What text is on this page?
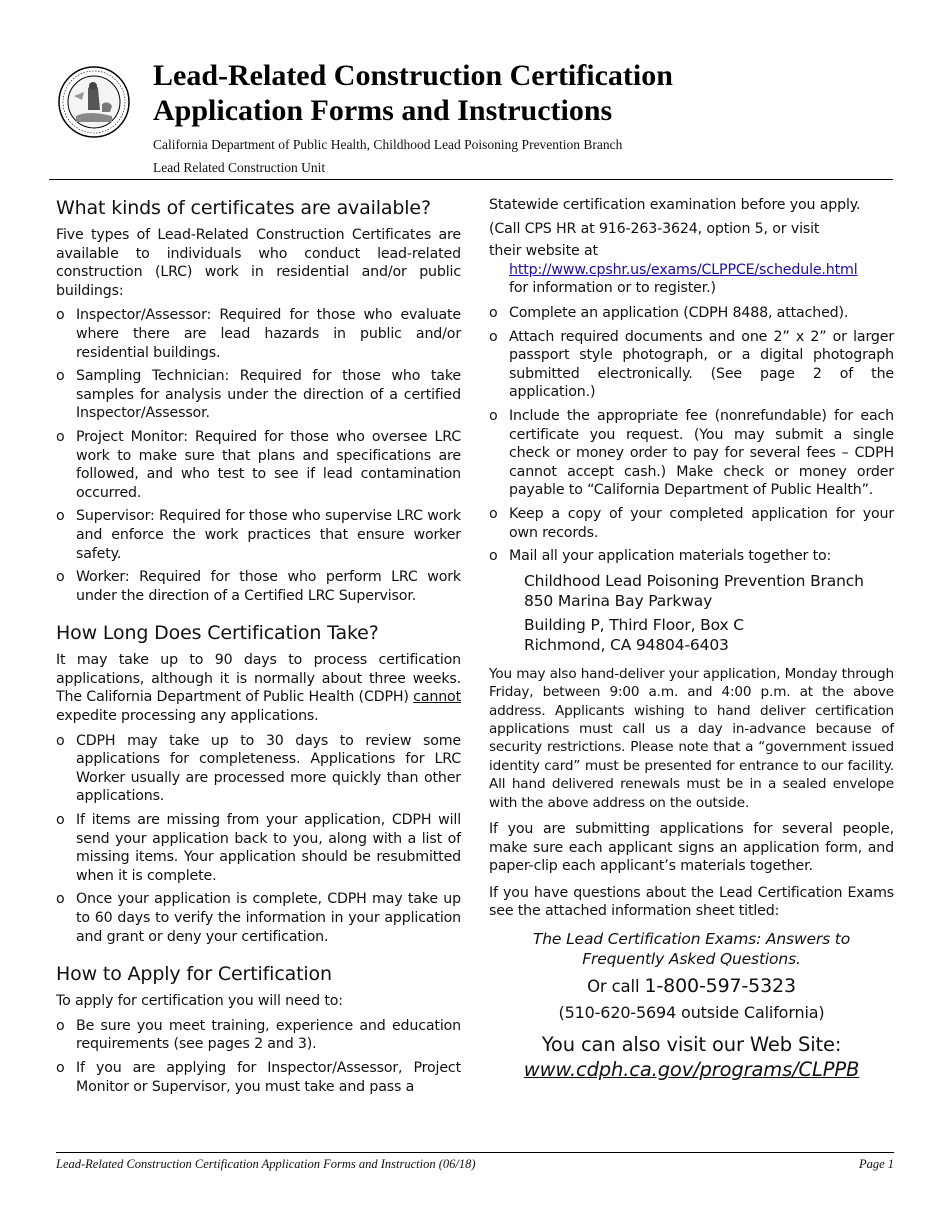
Lead-Related Construction Certification
Application Forms and Instructions
California Department of Public Health, Childhood Lead Poisoning Prevention Branch
Lead Related Construction Unit
What kinds of certificates are available?

Five types of Lead-Related Construction Certificates are available to individuals who conduct lead-related construction (LRC) work in residential and/or public buildings:

o Inspector/Assessor: Required for those who evaluate where there are lead hazards in public and/or residential buildings.
o Sampling Technician: Required for those who take samples for analysis under the direction of a certified Inspector/Assessor.
o Project Monitor: Required for those who oversee LRC work to make sure that plans and specifications are followed, and who test to see if lead contamination occurred.
o Supervisor: Required for those who supervise LRC work and enforce the work practices that ensure worker safety.
o Worker: Required for those who perform LRC work under the direction of a Certified LRC Supervisor.
How Long Does Certification Take?

It may take up to 90 days to process certification applications, although it is normally about three weeks. The California Department of Public Health (CDPH) cannot expedite processing any applications.

o CDPH may take up to 30 days to review some applications for completeness. Applications for LRC Worker usually are processed more quickly than other applications.
o If items are missing from your application, CDPH will send your application back to you, along with a list of missing items. Your application should be resubmitted when it is complete.
o Once your application is complete, CDPH may take up to 60 days to verify the information in your application and grant or deny your certification.
How to Apply for Certification

To apply for certification you will need to:

o Be sure you meet training, experience and education requirements (see pages 2 and 3).
o If you are applying for Inspector/Assessor, Project Monitor or Supervisor, you must take and pass a

Statewide certification examination before you apply.

(Call CPS HR at 916-263-3624, option 5, or visit

their website at

http://www.cpshr.us/exams/CLPPCE/schedule.html
for information or to register.)
o Complete an application (CDPH 8488, attached).
o Attach required documents and one 2” x 2” or larger passport style photograph, or a digital photograph submitted electronically. (See page 2 of the application.)
o Include the appropriate fee (nonrefundable) for each certificate you request. (You may submit a single check or money order to pay for several fees – CDPH cannot accept cash.) Make check or money order payable to “California Department of Public Health”.
o Keep a copy of your completed application for your own records.
o Mail all your application materials together to:

Childhood Lead Poisoning Prevention Branch

850 Marina Bay Parkway

Building P, Third Floor, Box C

Richmond, CA 94804-6403

You may also hand-deliver your application, Monday through Friday, between 9:00 a.m. and 4:00 p.m. at the above address. Applicants wishing to hand deliver certification applications must call us a day in-advance because of security restrictions. Please note that a “government issued identity card” must be presented for entrance to our facility. All hand delivered renewals must be in a sealed envelope with the above address on the outside.

If you are submitting applications for several people, make sure each applicant signs an application form, and paper-clip each applicant’s materials together.

If you have questions about the Lead Certification Exams see the attached information sheet titled:

The Lead Certification Exams: Answers to
Frequently Asked Questions.
Or call 1-800-597-5323
(510-620-5694 outside California)
You can also visit our Web Site:
www.cdph.ca.gov/programs/CLPPB
Lead-Related Construction Certification Application Forms and Instruction (06/18)	Page 1
